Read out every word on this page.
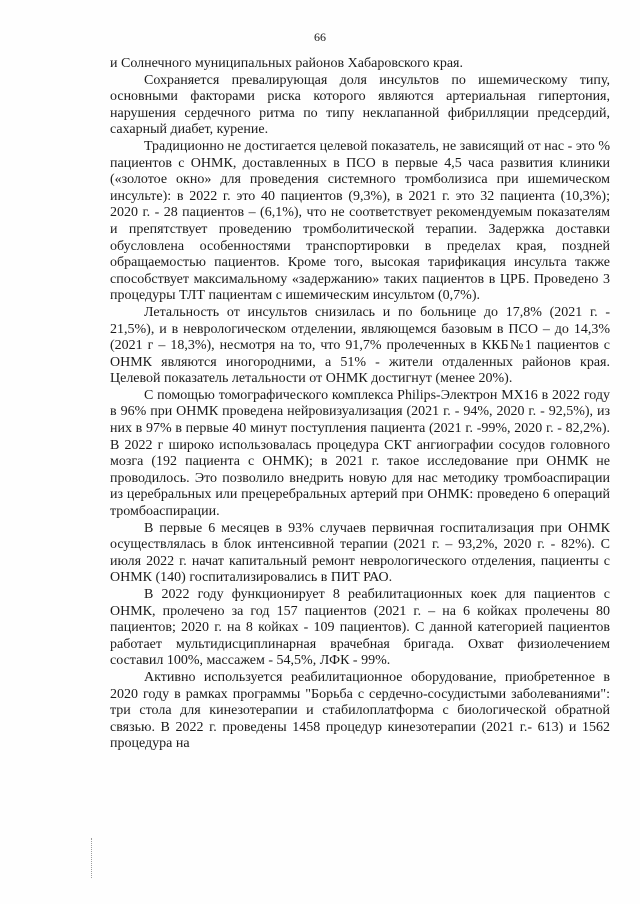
66

и Солнечного муниципальных районов Хабаровского края.

Сохраняется превалирующая доля инсультов по ишемическому типу, основными факторами риска которого являются артериальная гипертония, нарушения сердечного ритма по типу неклапанной фибрилляции предсердий, сахарный диабет, курение.

Традиционно не достигается целевой показатель, не зависящий от нас - это % пациентов с ОНМК, доставленных в ПСО в первые 4,5 часа развития клиники («золотое окно» для проведения системного тромболизиса при ишемическом инсульте): в 2022 г. это 40 пациентов (9,3%), в 2021 г. это 32 пациента (10,3%); 2020 г. - 28 пациентов – (6,1%), что не соответствует рекомендуемым показателям и препятствует проведению тромболитической терапии. Задержка доставки обусловлена особенностями транспортировки в пределах края, поздней обращаемостью пациентов. Кроме того, высокая тарификация инсульта также способствует максимальному «задержанию» таких пациентов в ЦРБ. Проведено 3 процедуры ТЛТ пациентам с ишемическим инсультом (0,7%).

Летальность от инсультов снизилась и по больнице до 17,8% (2021 г. - 21,5%), и в неврологическом отделении, являющемся базовым в ПСО – до 14,3% (2021 г – 18,3%), несмотря на то, что 91,7% пролеченных в ККБ№1 пациентов с ОНМК являются иногородними, а 51% - жители отдаленных районов края. Целевой показатель летальности от ОНМК достигнут (менее 20%).

С помощью томографического комплекса Philips-Электрон MX16 в 2022 году в 96% при ОНМК проведена нейровизуализация (2021 г. - 94%, 2020 г. - 92,5%), из них в 97% в первые 40 минут поступления пациента (2021 г. -99%, 2020 г. - 82,2%). В 2022 г широко использовалась процедура СКТ ангиографии сосудов головного мозга (192 пациента с ОНМК); в 2021 г. такое исследование при ОНМК не проводилось. Это позволило внедрить новую для нас методику тромбоаспирации из церебральных или прецеребральных артерий при ОНМК: проведено 6 операций тромбоаспирации.

В первые 6 месяцев в 93% случаев первичная госпитализация при ОНМК осуществлялась в блок интенсивной терапии (2021 г. – 93,2%, 2020 г. - 82%). С июля 2022 г. начат капитальный ремонт неврологического отделения, пациенты с ОНМК (140) госпитализировались в ПИТ РАО.

В 2022 году функционирует 8 реабилитационных коек для пациентов с ОНМК, пролечено за год 157 пациентов (2021 г. – на 6 койках пролечены 80 пациентов; 2020 г. на 8 койках - 109 пациентов). С данной категорией пациентов работает мультидисциплинарная врачебная бригада. Охват физиолечением составил 100%, массажем - 54,5%, ЛФК - 99%.

Активно используется реабилитационное оборудование, приобретенное в 2020 году в рамках программы "Борьба с сердечно-сосудистыми заболеваниями": три стола для кинезотерапии и стабилоплатформа с биологической обратной связью. В 2022 г. проведены 1458 процедур кинезотерапии (2021 г.- 613) и 1562 процедура на
